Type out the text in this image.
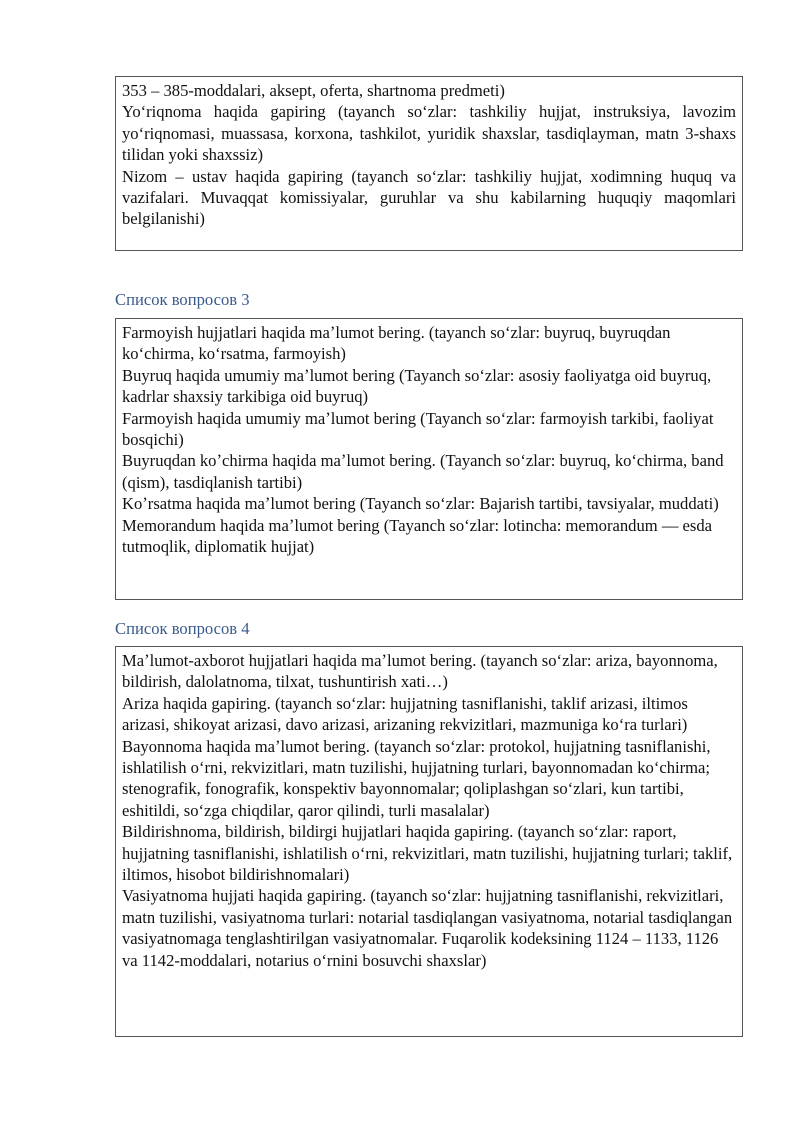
353 – 385-moddalari, aksept, oferta, shartnoma predmeti)

Yoʻriqnoma haqida gapiring (tayanch soʻzlar: tashkiliy hujjat, instruksiya, lavozim yoʻriqnomasi, muassasa, korxona, tashkilot, yuridik shaxslar, tasdiqlayman, matn 3-shaxs tilidan yoki shaxssiz)

Nizom – ustav haqida gapiring (tayanch soʻzlar: tashkiliy hujjat, xodimning huquq va vazifalari. Muvaqqat komissiyalar, guruhlar va shu kabilarning huquqiy maqomlari belgilanishi)

Список вопросов 3

Farmoyish hujjatlari haqida maʼlumot bering. (tayanch soʻzlar: buyruq, buyruqdan koʻchirma, koʻrsatma, farmoyish)

Buyruq haqida umumiy maʼlumot bering (Tayanch soʻzlar: asosiy faoliyatga oid buyruq, kadrlar shaxsiy tarkibiga oid buyruq)

Farmoyish haqida umumiy maʼlumot bering (Tayanch soʻzlar: farmoyish tarkibi, faoliyat bosqichi)

Buyruqdan koʼchirma haqida maʼlumot bering. (Tayanch soʻzlar: buyruq, koʻchirma, band (qism), tasdiqlanish tartibi)

Koʼrsatma haqida maʼlumot bering (Tayanch soʻzlar: Bajarish tartibi, tavsiyalar, muddati)

Memorandum haqida maʼlumot bering (Tayanch soʻzlar: lotincha: memorandum — esda tutmoqlik, diplomatik hujjat)

Список вопросов 4

Maʼlumot-axborot hujjatlari haqida maʼlumot bering. (tayanch soʻzlar: ariza, bayonnoma, bildirish, dalolatnoma, tilxat, tushuntirish xati…)

Ariza haqida gapiring. (tayanch soʻzlar: hujjatning tasniflanishi, taklif arizasi, iltimos arizasi, shikoyat arizasi, davo arizasi, arizaning rekvizitlari, mazmuniga koʻra turlari)

Bayonnoma haqida maʼlumot bering. (tayanch soʻzlar: protokol, hujjatning tasniflanishi, ishlatilish oʻrni, rekvizitlari, matn tuzilishi, hujjatning turlari, bayonnomadan koʻchirma; stenografik, fonografik, konspektiv bayonnomalar; qoliplashgan soʻzlari, kun tartibi, eshitildi, soʻzga chiqdilar, qaror qilindi, turli masalalar)

Bildirishnoma, bildirish, bildirgi hujjatlari haqida gapiring. (tayanch soʻzlar: raport, hujjatning tasniflanishi, ishlatilish oʻrni, rekvizitlari, matn tuzilishi, hujjatning turlari; taklif, iltimos, hisobot bildirishnomalari)

Vasiyatnoma hujjati haqida gapiring. (tayanch soʻzlar: hujjatning tasniflanishi, rekvizitlari, matn tuzilishi, vasiyatnoma turlari: notarial tasdiqlangan vasiyatnoma, notarial tasdiqlangan vasiyatnomaga tenglashtirilgan vasiyatnomalar. Fuqarolik kodeksining 1124 – 1133, 1126 va 1142-moddalari, notarius oʻrnini bosuvchi shaxslar)
